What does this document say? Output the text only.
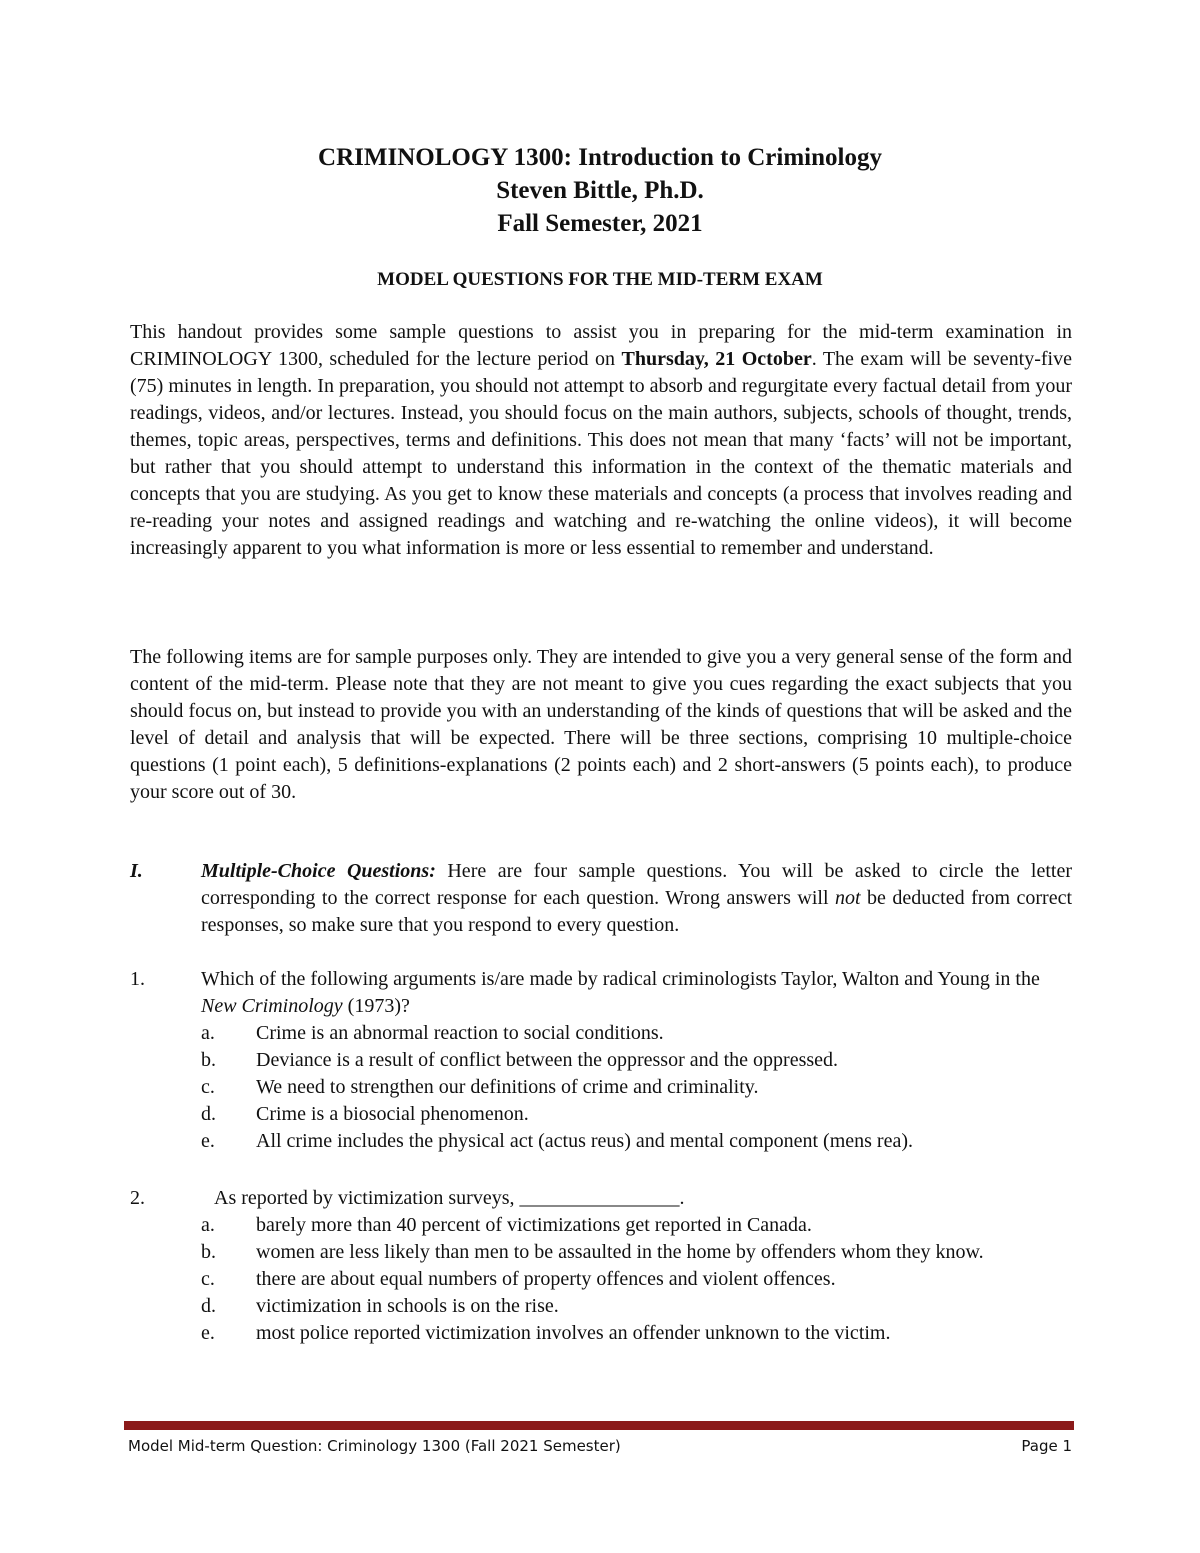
CRIMINOLOGY 1300: Introduction to Criminology
Steven Bittle, Ph.D.
Fall Semester, 2021
MODEL QUESTIONS FOR THE MID-TERM EXAM

This handout provides some sample questions to assist you in preparing for the mid-term examination in CRIMINOLOGY 1300, scheduled for the lecture period on Thursday, 21 October. The exam will be seventy-five (75) minutes in length. In preparation, you should not attempt to absorb and regurgitate every factual detail from your readings, videos, and/or lectures. Instead, you should focus on the main authors, subjects, schools of thought, trends, themes, topic areas, perspectives, terms and definitions. This does not mean that many ‘facts’ will not be important, but rather that you should attempt to understand this information in the context of the thematic materials and concepts that you are studying. As you get to know these materials and concepts (a process that involves reading and re-reading your notes and assigned readings and watching and re-watching the online videos), it will become increasingly apparent to you what information is more or less essential to remember and understand.

The following items are for sample purposes only. They are intended to give you a very general sense of the form and content of the mid-term. Please note that they are not meant to give you cues regarding the exact subjects that you should focus on, but instead to provide you with an understanding of the kinds of questions that will be asked and the level of detail and analysis that will be expected. There will be three sections, comprising 10 multiple-choice questions (1 point each), 5 definitions-explanations (2 points each) and 2 short-answers (5 points each), to produce your score out of 30.

I.	Multiple-Choice Questions: Here are four sample questions. You will be asked to circle the letter corresponding to the correct response for each question. Wrong answers will not be deducted from correct responses, so make sure that you respond to every question.
1.	Which of the following arguments is/are made by radical criminologists Taylor, Walton and Young in the New Criminology (1973)?
a. Crime is an abnormal reaction to social conditions.
b. Deviance is a result of conflict between the oppressor and the oppressed.
c. We need to strengthen our definitions of crime and criminality.
d. Crime is a biosocial phenomenon.
e. All crime includes the physical act (actus reus) and mental component (mens rea).
2.	As reported by victimization surveys, ________________.
a. barely more than 40 percent of victimizations get reported in Canada.
b. women are less likely than men to be assaulted in the home by offenders whom they know.
c. there are about equal numbers of property offences and violent offences.
d. victimization in schools is on the rise.
e. most police reported victimization involves an offender unknown to the victim.
Model Mid-term Question: Criminology 1300 (Fall 2021 Semester)	Page 1
